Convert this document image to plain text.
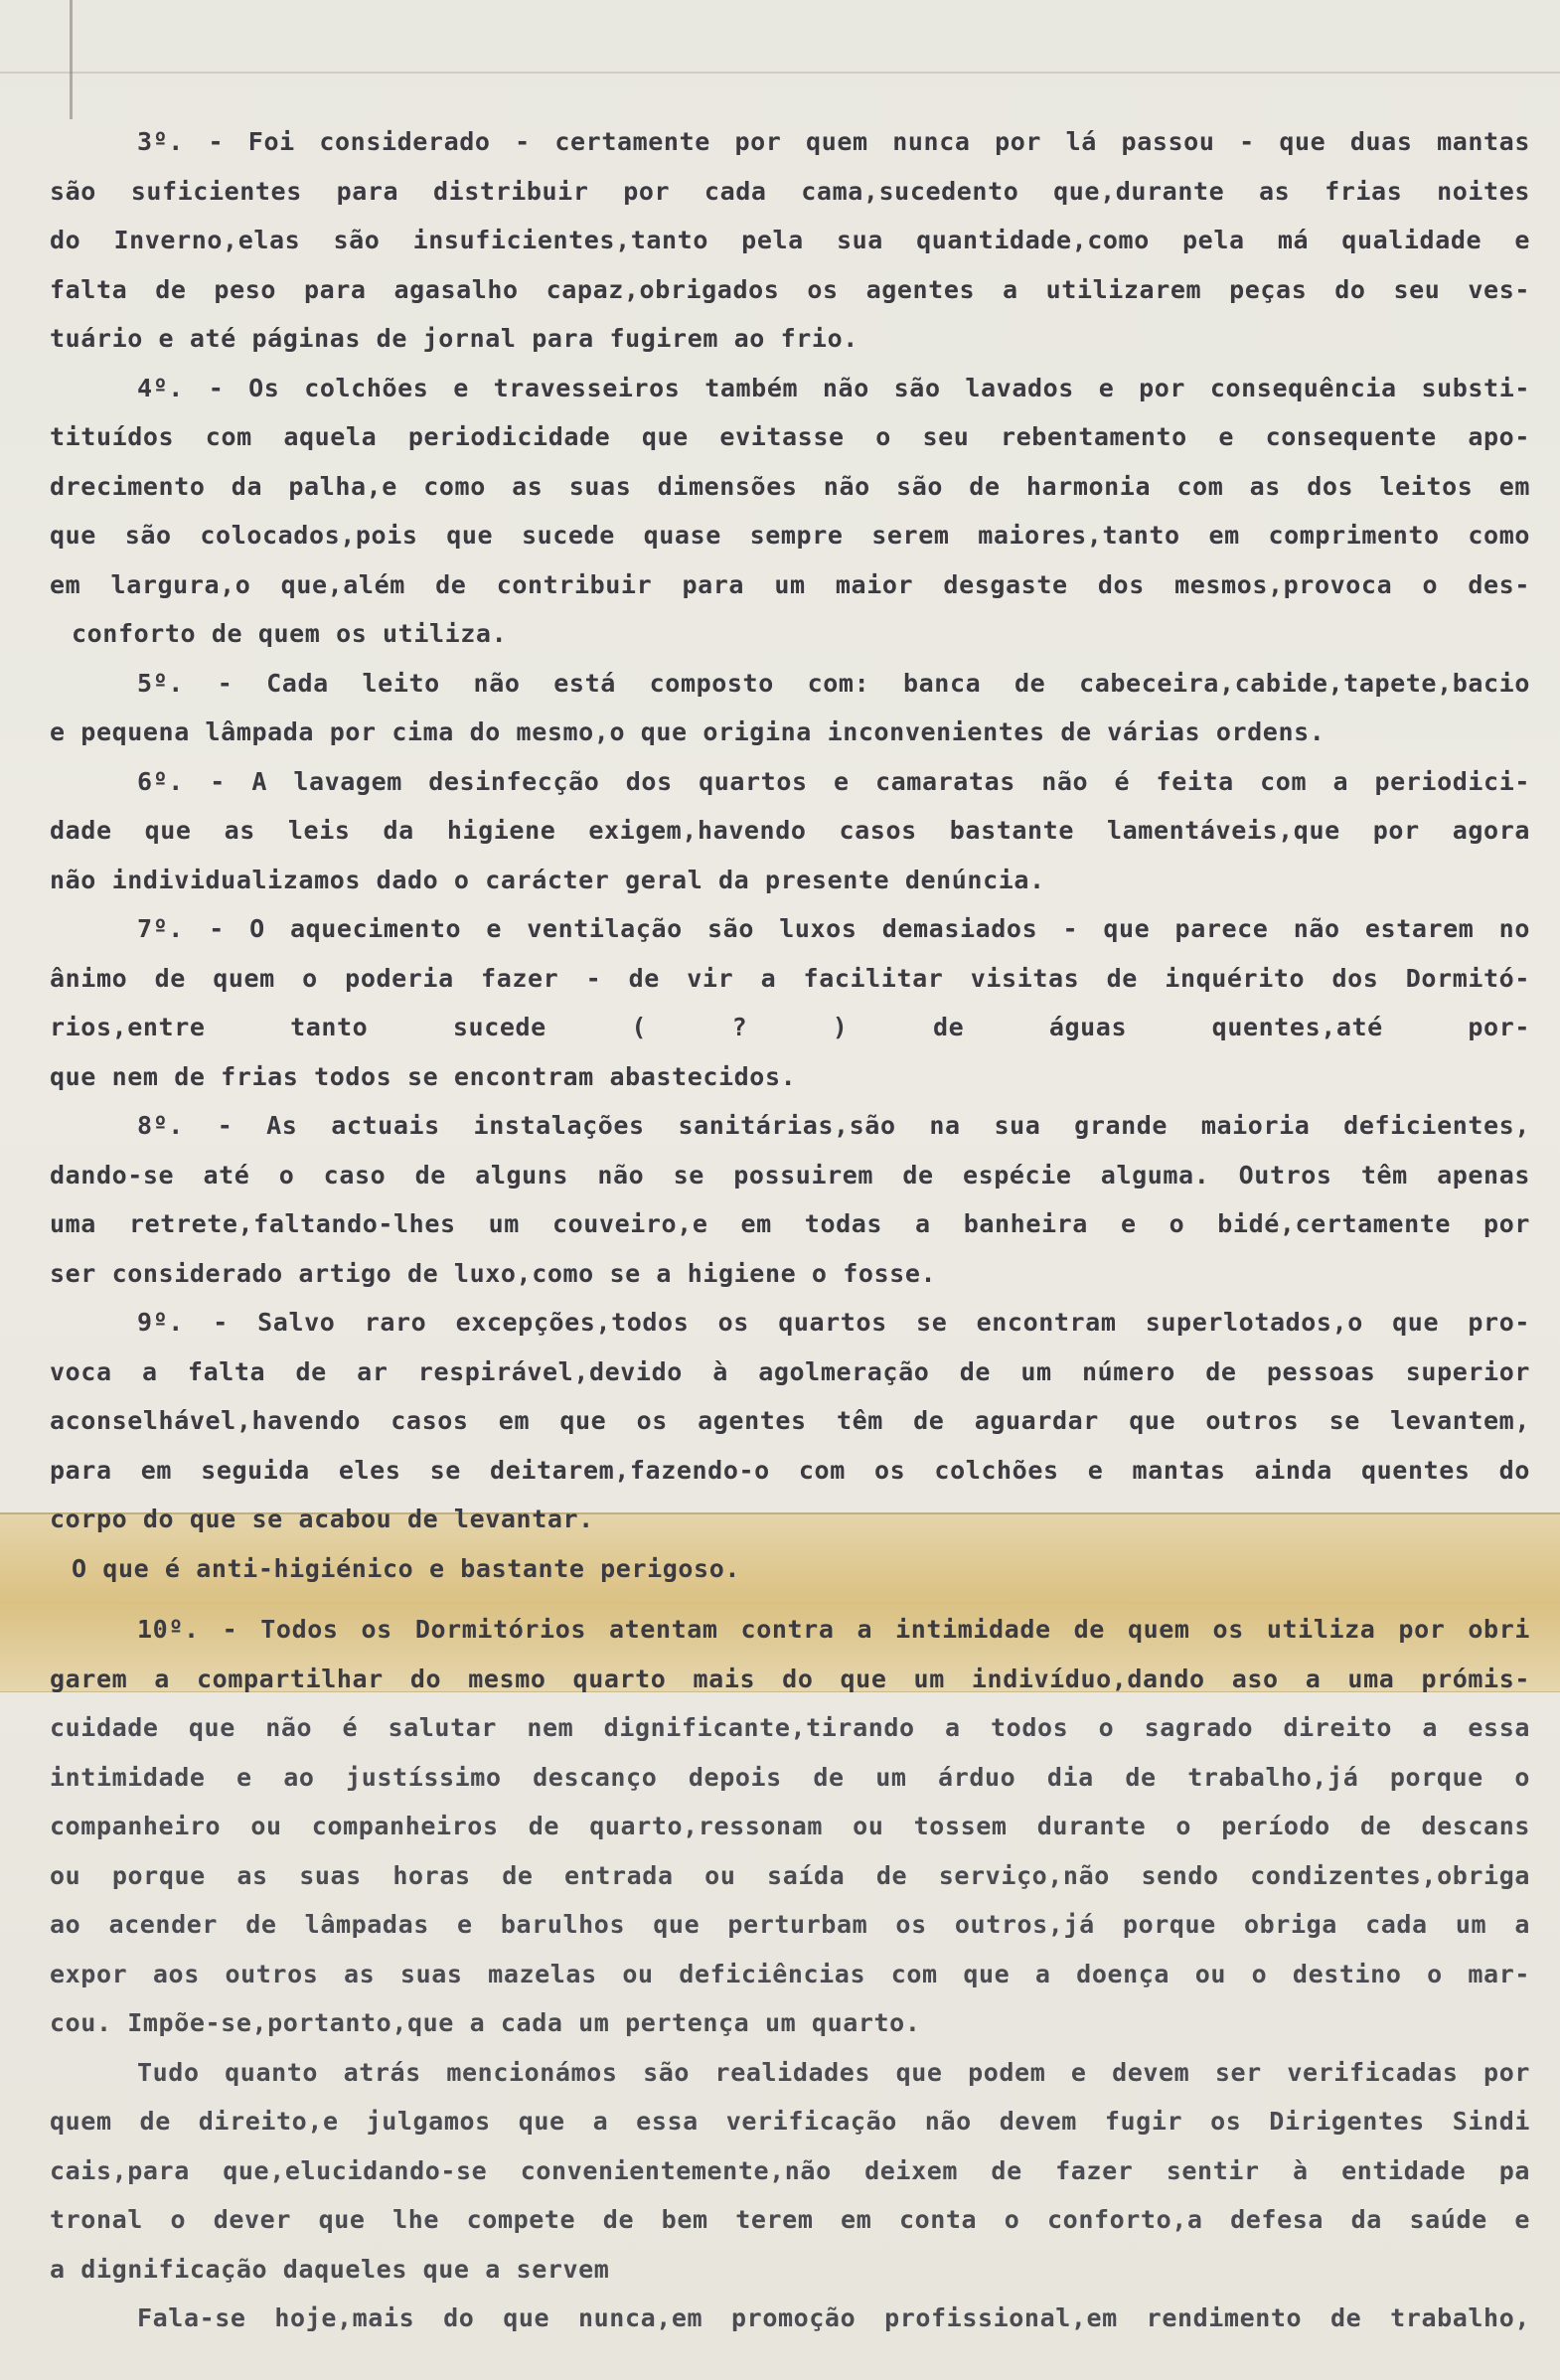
3º. - Foi considerado - certamente por quem nunca por lá passou - que duas mantas
são suficientes para distribuir por cada cama,sucedento que,durante as frias noites
do Inverno,elas são insuficientes,tanto pela sua quantidade,como pela má qualidade e
falta de peso para agasalho capaz,obrigados os agentes a utilizarem peças do seu ves-
tuário e até páginas de jornal para fugirem ao frio.
4º. - Os colchões e travesseiros também não são lavados e por consequência substi-
tituídos com aquela periodicidade que evitasse o seu rebentamento e consequente apo-
drecimento da palha,e como as suas dimensões não são de harmonia com as dos leitos em
que são colocados,pois que sucede quase sempre serem maiores,tanto em comprimento como
em largura,o que,além de contribuir para um maior desgaste dos mesmos,provoca o des-
conforto de quem os utiliza.
5º. - Cada leito não está composto com: banca de cabeceira,cabide,tapete,bacio
e pequena lâmpada por cima do mesmo,o que origina inconvenientes de várias ordens.
6º. - A lavagem desinfecção dos quartos e camaratas não é feita com a periodici-
dade que as leis da higiene exigem,havendo casos bastante lamentáveis,que por agora
não individualizamos dado o carácter geral da presente denúncia.
7º. - O aquecimento e ventilação são luxos demasiados - que parece não estarem no
ânimo de quem o poderia fazer - de vir a facilitar visitas de inquérito dos Dormitó-
rios,entre tanto sucede ( ? ) de águas quentes,até por-
que nem de frias todos se encontram abastecidos.
8º. - As actuais instalações sanitárias,são na sua grande maioria deficientes,
dando-se até o caso de alguns não se possuirem de espécie alguma. Outros têm apenas
uma retrete,faltando-lhes um couveiro,e em todas a banheira e o bidé,certamente por
ser considerado artigo de luxo,como se a higiene o fosse.
9º. - Salvo raro excepções,todos os quartos se encontram superlotados,o que pro-
voca a falta de ar respirável,devido à agolmeração de um número de pessoas superior
aconselhável,havendo casos em que os agentes têm de aguardar que outros se levantem,
para em seguida eles se deitarem,fazendo-o com os colchões e mantas ainda quentes do
corpo do que se acabou de levantar.
O que é anti-higiénico e bastante perigoso.
10º. - Todos os Dormitórios atentam contra a intimidade de quem os utiliza por obri
garem a compartilhar do mesmo quarto mais do que um indivíduo,dando aso a uma prómis-
cuidade que não é salutar nem dignificante,tirando a todos o sagrado direito a essa
intimidade e ao justíssimo descanço depois de um árduo dia de trabalho,já porque o
companheiro ou companheiros de quarto,ressonam ou tossem durante o período de descans
ou porque as suas horas de entrada ou saída de serviço,não sendo condizentes,obriga
ao acender de lâmpadas e barulhos que perturbam os outros,já porque obriga cada um a
expor aos outros as suas mazelas ou deficiências com que a doença ou o destino o mar-
cou. Impõe-se,portanto,que a cada um pertença um quarto.
Tudo quanto atrás mencionámos são realidades que podem e devem ser verificadas por
quem de direito,e julgamos que a essa verificação não devem fugir os Dirigentes Sindi
cais,para que,elucidando-se convenientemente,não deixem de fazer sentir à entidade pa
tronal o dever que lhe compete de bem terem em conta o conforto,a defesa da saúde e
a dignificação daqueles que a servem
Fala-se hoje,mais do que nunca,em promoção profissional,em rendimento de trabalho,
